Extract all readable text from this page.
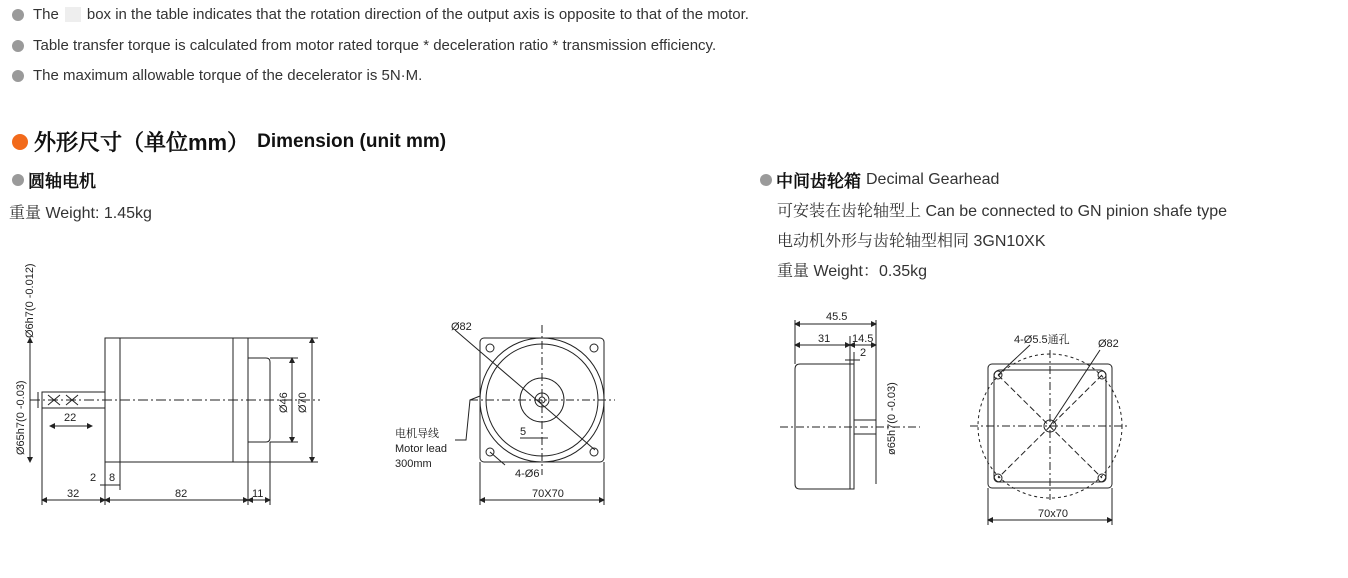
The box in the table indicates that the rotation direction of the output axis is opposite to that of the motor.
Table transfer torque is calculated from motor rated torque * deceleration ratio * transmission efficiency.
The maximum allowable torque of the decelerator is 5N·M.
外形尺寸（单位mm） Dimension (unit mm)
圆轴电机
重量 Weight: 1.45kg
中间齿轮箱 Decimal Gearhead
可安装在齿轮轴型上 Can be connected to GN pinion shafe type
电动机外形与齿轮轴型相同 3GN10XK
重量 Weight：0.35kg
Ø6h7(0 -0.012)
Ø65h7(0 -0.03)	22
Ø46 Ø70
2 8
32	82	11
Ø82
5
4-Ø6
70X70
电机导线
Motor lead
300mm
45.5
31 14.5
2
ø65h7(0 -0.03)
4-Ø5.5通孔	Ø82
70x70
